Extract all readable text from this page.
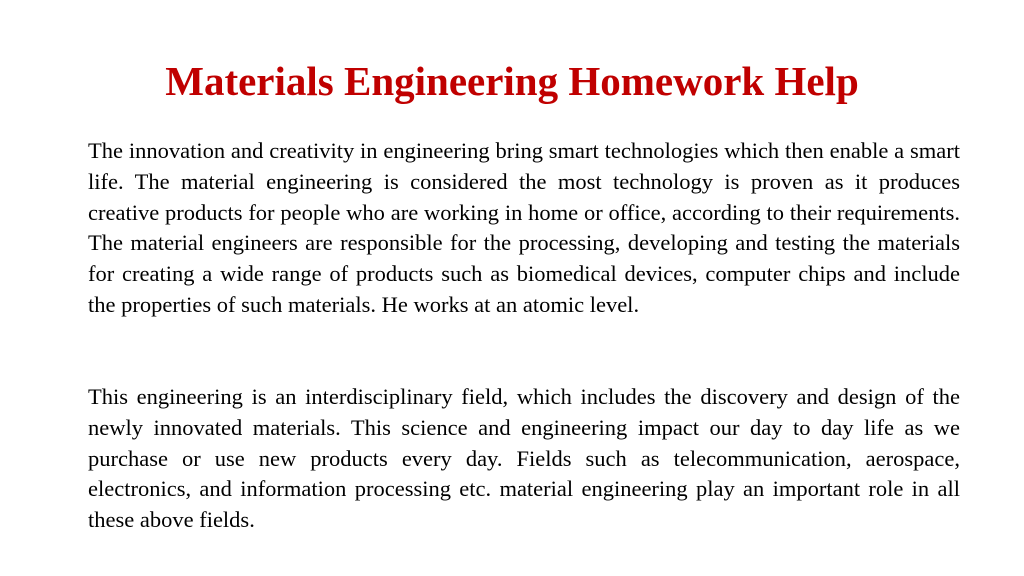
Materials Engineering Homework Help

The innovation and creativity in engineering bring smart technologies which then enable a smart life. The material engineering is considered the most technology is proven as it produces creative products for people who are working in home or office, according to their requirements. The material engineers are responsible for the processing, developing and testing the materials for creating a wide range of products such as biomedical devices, computer chips and include the properties of such materials. He works at an atomic level.

This engineering is an interdisciplinary field, which includes the discovery and design of the newly innovated materials. This science and engineering impact our day to day life as we purchase or use new products every day. Fields such as telecommunication, aerospace, electronics, and information processing etc. material engineering play an important role in all these above fields.
